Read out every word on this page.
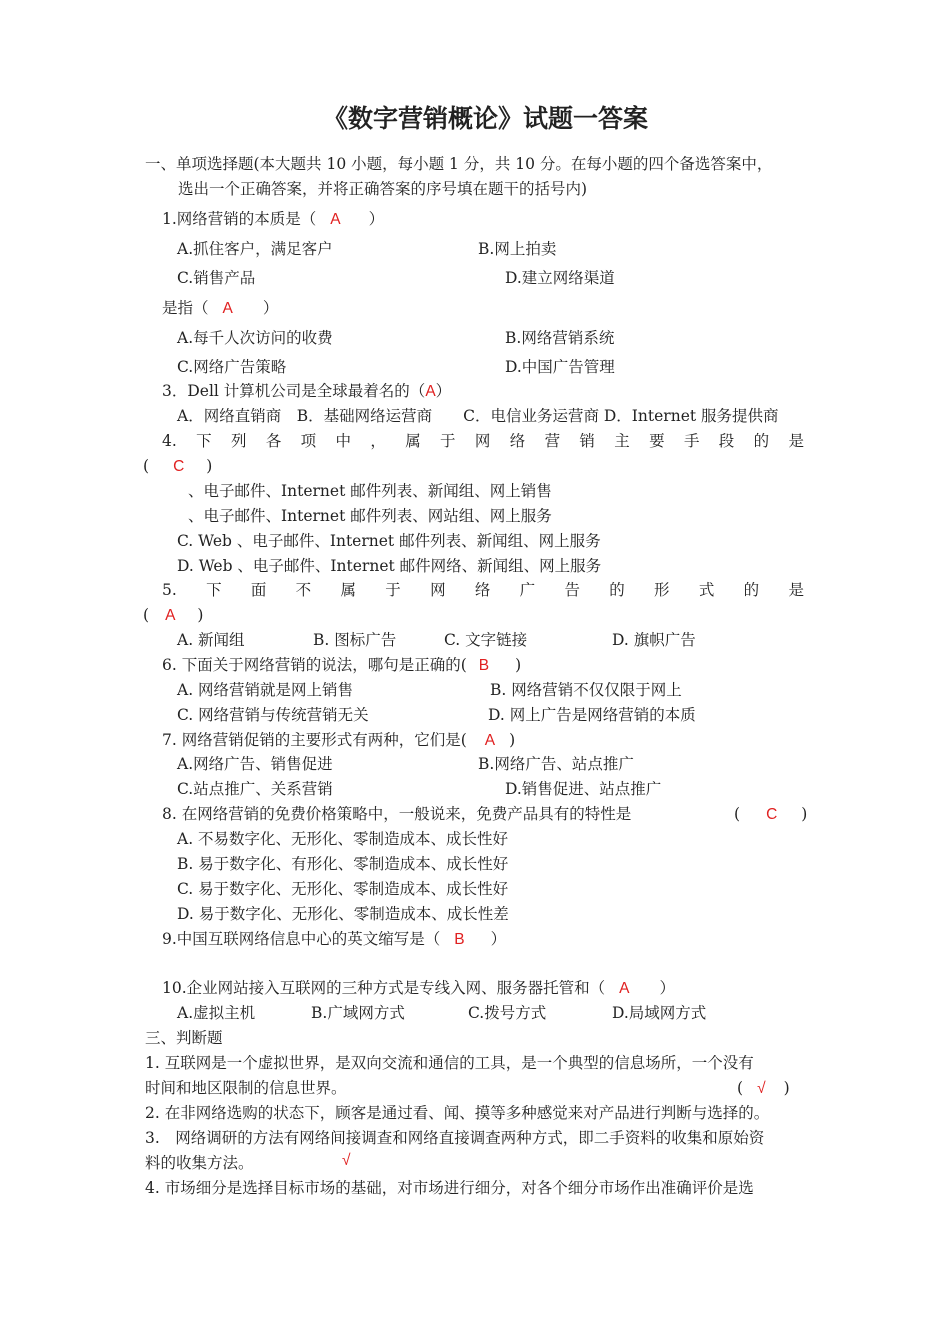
《数字营销概论》试题一答案
一、单项选择题(本大题共 10 小题，每小题 1 分，共 10 分。在每小题的四个备选答案中，
选出一个正确答案，并将正确答案的序号填在题干的括号内)
1.网络营销的本质是（ A ）
A.抓住客户，满足客户	B.网上拍卖
C.销售产品	D.建立网络渠道
是指（ A ）
A.每千人次访问的收费	B.网络营销系统
C.网络广告策略	D.中国广告管理
3．Dell 计算机公司是全球最着名的（A）
A．网络直销商　B．基础网络运营商　　C．电信业务运营商 D．Internet 服务提供商
4. 下 列 各 项 中 ， 属 于 网 络 营 销 主 要 手 段 的 是
( C )
、电子邮件、Internet 邮件列表、新闻组、网上销售
、电子邮件、Internet 邮件列表、网站组、网上服务
C. Web 、电子邮件、Internet 邮件列表、新闻组、网上服务
D. Web 、电子邮件、Internet 邮件网络、新闻组、网上服务
5. 下 面 不 属 于 网 络 广 告 的 形 式 的 是
( A )
A. 新闻组	B. 图标广告	C. 文字链接	D. 旗帜广告
6. 下面关于网络营销的说法，哪句是正确的( B )
A. 网络营销就是网上销售	B. 网络营销不仅仅限于网上
C. 网络营销与传统营销无关	D. 网上广告是网络营销的本质
7. 网络营销促销的主要形式有两种，它们是( A )
A.网络广告、销售促进	B.网络广告、站点推广
C.站点推广、关系营销	D.销售促进、站点推广
8. 在网络营销的免费价格策略中，一般说来，免费产品具有的特性是	( C )
A. 不易数字化、无形化、零制造成本、成长性好
B. 易于数字化、有形化、零制造成本、成长性好
C. 易于数字化、无形化、零制造成本、成长性好
D. 易于数字化、无形化、零制造成本、成长性差
9.中国互联网络信息中心的英文缩写是（ B ）
10.企业网站接入互联网的三种方式是专线入网、服务器托管和（ A ）
A.虚拟主机	B.广域网方式	C.拨号方式	D.局域网方式
三、判断题
1. 互联网是一个虚拟世界，是双向交流和通信的工具，是一个典型的信息场所，一个没有
时间和地区限制的信息世界。	( √ )
2. 在非网络选购的状态下，顾客是通过看、闻、摸等多种感觉来对产品进行判断与选择的。
3.　网络调研的方法有网络间接调查和网络直接调查两种方式，即二手资料的收集和原始资
料的收集方法。	√
4. 市场细分是选择目标市场的基础，对市场进行细分，对各个细分市场作出准确评价是选
